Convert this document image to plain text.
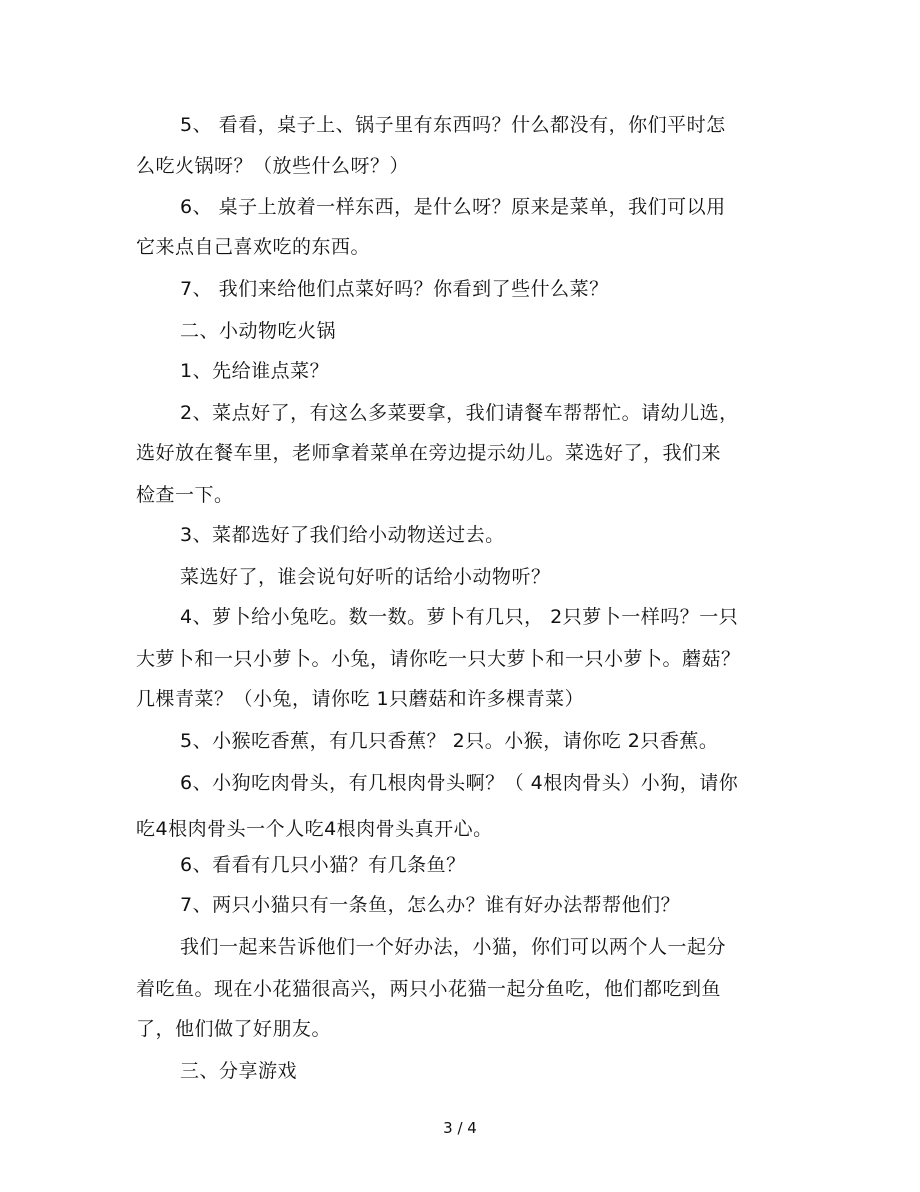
5、 看看，桌子上、锅子里有东西吗？什么都没有，你们平时怎
么吃火锅呀？（放些什么呀？）
6、 桌子上放着一样东西，是什么呀？原来是菜单，我们可以用
它来点自己喜欢吃的东西。
7、 我们来给他们点菜好吗？你看到了些什么菜？
二、小动物吃火锅
1、先给谁点菜？
2、菜点好了，有这么多菜要拿，我们请餐车帮帮忙。请幼儿选，
选好放在餐车里，老师拿着菜单在旁边提示幼儿。菜选好了，我们来
检查一下。
3、菜都选好了我们给小动物送过去。
菜选好了，谁会说句好听的话给小动物听？
4、萝卜给小兔吃。数一数。萝卜有几只， 2只萝卜一样吗？一只
大萝卜和一只小萝卜。小兔，请你吃一只大萝卜和一只小萝卜。蘑菇？
几棵青菜？（小兔，请你吃 1只蘑菇和许多棵青菜）
5、小猴吃香蕉，有几只香蕉？ 2只。小猴，请你吃 2只香蕉。
6、小狗吃肉骨头，有几根肉骨头啊？（ 4根肉骨头）小狗，请你
吃4根肉骨头一个人吃4根肉骨头真开心。
6、看看有几只小猫？有几条鱼？
7、两只小猫只有一条鱼，怎么办？谁有好办法帮帮他们？
我们一起来告诉他们一个好办法，小猫，你们可以两个人一起分
着吃鱼。现在小花猫很高兴，两只小花猫一起分鱼吃，他们都吃到鱼
了，他们做了好朋友。
三、分享游戏
3 / 4
